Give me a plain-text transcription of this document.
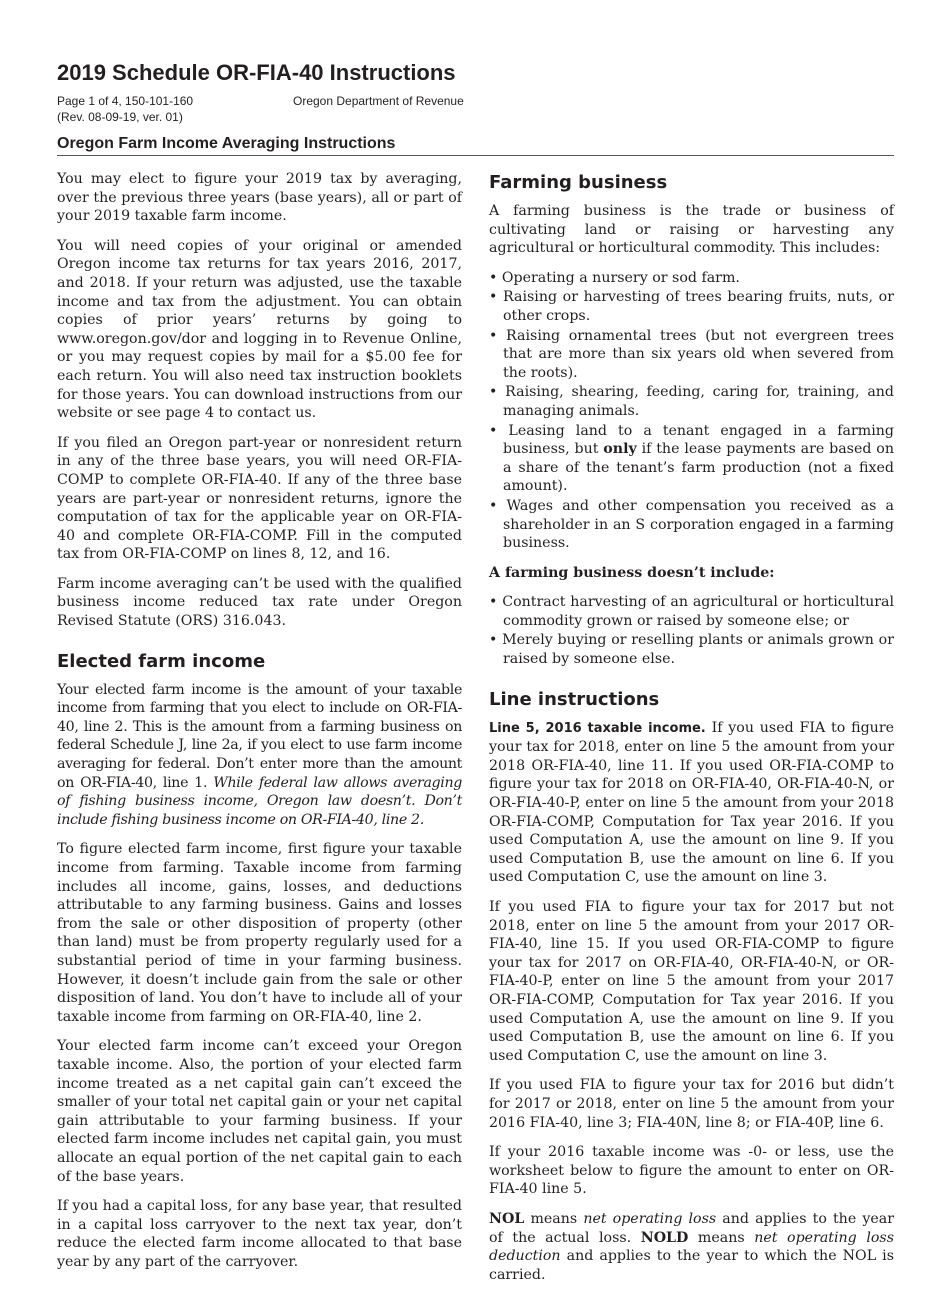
2019 Schedule OR-FIA-40 Instructions
Page 1 of 4, 150-101-160
(Rev. 08-09-19, ver. 01)
Oregon Department of Revenue
Oregon Farm Income Averaging Instructions

You may elect to figure your 2019 tax by averaging, over the previous three years (base years), all or part of your 2019 taxable farm income.

You will need copies of your original or amended Oregon income tax returns for tax years 2016, 2017, and 2018. If your return was adjusted, use the taxable income and tax from the adjustment. You can obtain copies of prior years’ returns by going to www.oregon.gov/dor and logging in to Revenue Online, or you may request copies by mail for a $5.00 fee for each return. You will also need tax instruction booklets for those years. You can download instructions from our website or see page 4 to contact us.

If you filed an Oregon part-year or nonresident return in any of the three base years, you will need OR-FIA-COMP to complete OR-FIA-40. If any of the three base years are part-year or nonresident returns, ignore the computation of tax for the applicable year on OR-FIA-40 and complete OR-FIA-COMP. Fill in the computed tax from OR-FIA-COMP on lines 8, 12, and 16.

Farm income averaging can’t be used with the qualified business income reduced tax rate under Oregon Revised Statute (ORS) 316.043.

Elected farm income

Your elected farm income is the amount of your taxable income from farming that you elect to include on OR-FIA-40, line 2. This is the amount from a farming business on federal Schedule J, line 2a, if you elect to use farm income averaging for federal. Don’t enter more than the amount on OR-FIA-40, line 1. While federal law allows averaging of fishing business income, Oregon law doesn’t. Don’t include fishing business income on OR-FIA-40, line 2.

To figure elected farm income, first figure your taxable income from farming. Taxable income from farming includes all income, gains, losses, and deductions attributable to any farming business. Gains and losses from the sale or other disposition of property (other than land) must be from property regularly used for a substantial period of time in your farming business. However, it doesn’t include gain from the sale or other disposition of land. You don’t have to include all of your taxable income from farming on OR-FIA-40, line 2.

Your elected farm income can’t exceed your Oregon taxable income. Also, the portion of your elected farm income treated as a net capital gain can’t exceed the smaller of your total net capital gain or your net capital gain attributable to your farming business. If your elected farm income includes net capital gain, you must allocate an equal portion of the net capital gain to each of the base years.

If you had a capital loss, for any base year, that resulted in a capital loss carryover to the next tax year, don’t reduce the elected farm income allocated to that base year by any part of the carryover.

Farming business

A farming business is the trade or business of cultivating land or raising or harvesting any agricultural or horticultural commodity. This includes:

• Operating a nursery or sod farm.
• Raising or harvesting of trees bearing fruits, nuts, or other crops.
• Raising ornamental trees (but not evergreen trees that are more than six years old when severed from the roots).
• Raising, shearing, feeding, caring for, training, and managing animals.
• Leasing land to a tenant engaged in a farming business, but only if the lease payments are based on a share of the tenant’s farm production (not a fixed amount).
• Wages and other compensation you received as a shareholder in an S corporation engaged in a farming business.

A farming business doesn’t include:

• Contract harvesting of an agricultural or horticultural commodity grown or raised by someone else; or
• Merely buying or reselling plants or animals grown or raised by someone else.
Line instructions

Line 5, 2016 taxable income. If you used FIA to figure your tax for 2018, enter on line 5 the amount from your 2018 OR-FIA-40, line 11. If you used OR-FIA-COMP to figure your tax for 2018 on OR-FIA-40, OR-FIA-40-N, or OR-FIA-40-P, enter on line 5 the amount from your 2018 OR-FIA-COMP, Computation for Tax year 2016. If you used Computation A, use the amount on line 9. If you used Computation B, use the amount on line 6. If you used Computation C, use the amount on line 3.

If you used FIA to figure your tax for 2017 but not 2018, enter on line 5 the amount from your 2017 OR-FIA-40, line 15. If you used OR-FIA-COMP to figure your tax for 2017 on OR-FIA-40, OR-FIA-40-N, or OR-FIA-40-P, enter on line 5 the amount from your 2017 OR-FIA-COMP, Computation for Tax year 2016. If you used Computation A, use the amount on line 9. If you used Computation B, use the amount on line 6. If you used Computation C, use the amount on line 3.

If you used FIA to figure your tax for 2016 but didn’t for 2017 or 2018, enter on line 5 the amount from your 2016 FIA-40, line 3; FIA-40N, line 8; or FIA-40P, line 6.

If your 2016 taxable income was -0- or less, use the worksheet below to figure the amount to enter on OR-FIA-40 line 5.

NOL means net operating loss and applies to the year of the actual loss. NOLD means net operating loss deduction and applies to the year to which the NOL is carried.
